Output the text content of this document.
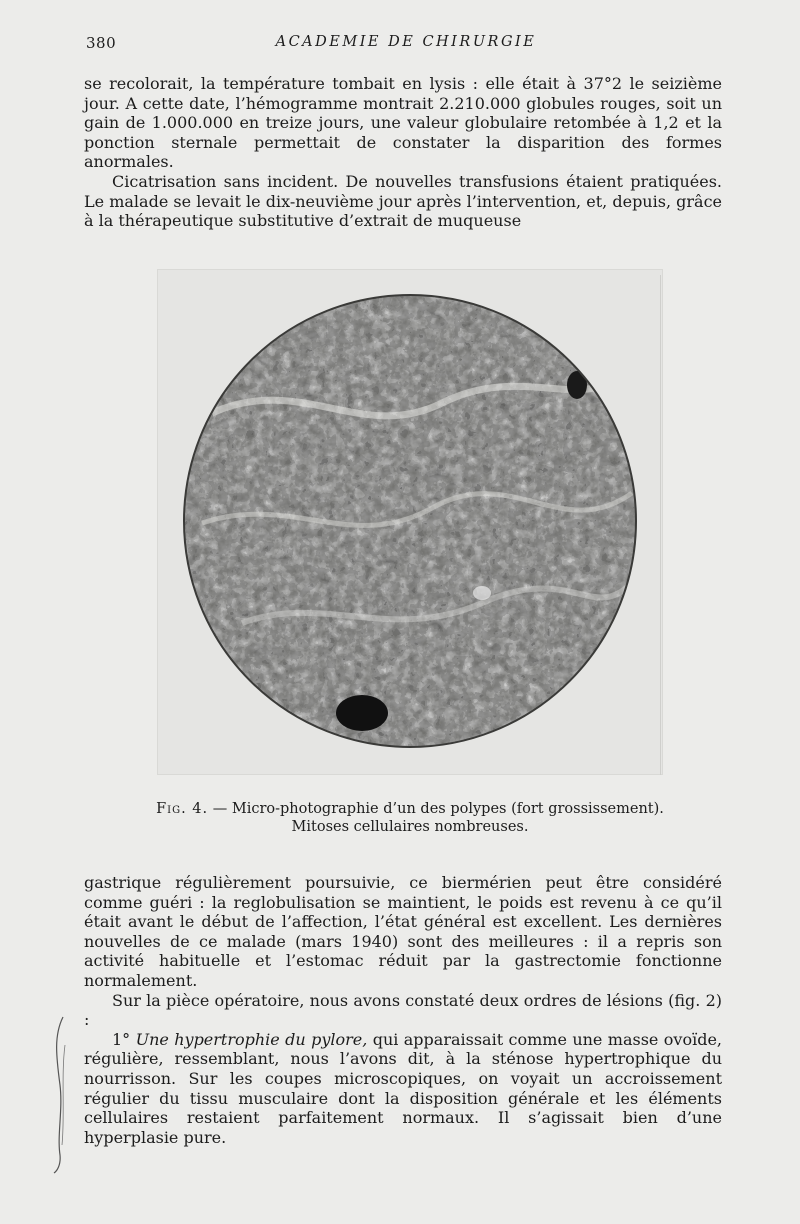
380	ACADEMIE DE CHIRURGIE

se recolorait, la température tombait en lysis : elle était à 37°2 le seizième jour. A cette date, l’hémogramme montrait 2.210.000 globules rouges, soit un gain de 1.000.000 en treize jours, une valeur globulaire retombée à 1,2 et la ponction sternale permettait de constater la disparition des formes anormales.

Cicatrisation sans incident. De nouvelles transfusions étaient pratiquées. Le malade se levait le dix-neuvième jour après l’intervention, et, depuis, grâce à la thérapeutique substitutive d’extrait de muqueuse

Fig. 4. — Micro-photographie d’un des polypes (fort grossissement).
Mitoses cellulaires nombreuses.

gastrique régulièrement poursuivie, ce biermérien peut être considéré comme guéri : la reglobulisation se maintient, le poids est revenu à ce qu’il était avant le début de l’affection, l’état général est excellent. Les dernières nouvelles de ce malade (mars 1940) sont des meilleures : il a repris son activité habituelle et l’estomac réduit par la gastrectomie fonctionne normalement.

Sur la pièce opératoire, nous avons constaté deux ordres de lésions (fig. 2) :

1° Une hypertrophie du pylore, qui apparaissait comme une masse ovoïde, régulière, ressemblant, nous l’avons dit, à la sténose hypertrophique du nourrisson. Sur les coupes microscopiques, on voyait un accroissement régulier du tissu musculaire dont la disposition générale et les éléments cellulaires restaient parfaitement normaux. Il s’agissait bien d’une hyperplasie pure.
